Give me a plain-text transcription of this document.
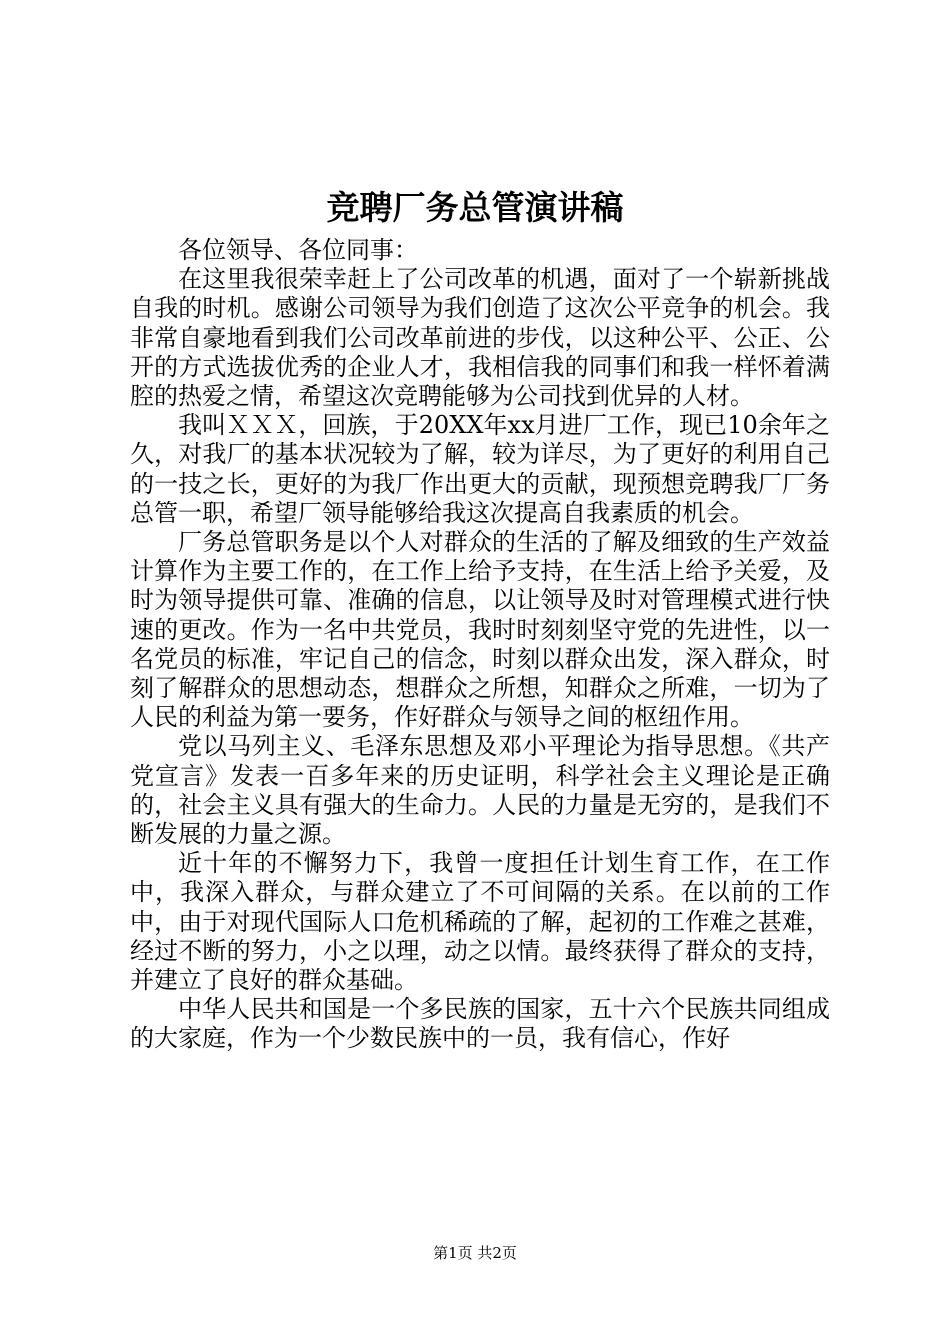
竞聘厂务总管演讲稿

各位领导、各位同事：

在这里我很荣幸赶上了公司改革的机遇，面对了一个崭新挑战自我的时机。感谢公司领导为我们创造了这次公平竞争的机会。我非常自豪地看到我们公司改革前进的步伐，以这种公平、公正、公开的方式选拔优秀的企业人才，我相信我的同事们和我一样怀着满腔的热爱之情，希望这次竞聘能够为公司找到优异的人材。

我叫ＸＸＸ，回族，于20XX年xx月进厂工作，现已10余年之久，对我厂的基本状况较为了解，较为详尽，为了更好的利用自己的一技之长，更好的为我厂作出更大的贡献，现预想竞聘我厂厂务总管一职，希望厂领导能够给我这次提高自我素质的机会。

厂务总管职务是以个人对群众的生活的了解及细致的生产效益计算作为主要工作的，在工作上给予支持，在生活上给予关爱，及时为领导提供可靠、准确的信息，以让领导及时对管理模式进行快速的更改。作为一名中共党员，我时时刻刻坚守党的先进性，以一名党员的标准，牢记自己的信念，时刻以群众出发，深入群众，时刻了解群众的思想动态，想群众之所想，知群众之所难，一切为了人民的利益为第一要务，作好群众与领导之间的枢纽作用。

党以马列主义、毛泽东思想及邓小平理论为指导思想。《共产党宣言》发表一百多年来的历史证明，科学社会主义理论是正确的，社会主义具有强大的生命力。人民的力量是无穷的，是我们不断发展的力量之源。

近十年的不懈努力下，我曾一度担任计划生育工作，在工作中，我深入群众，与群众建立了不可间隔的关系。在以前的工作中，由于对现代国际人口危机稀疏的了解，起初的工作难之甚难，经过不断的努力，小之以理，动之以情。最终获得了群众的支持，并建立了良好的群众基础。

中华人民共和国是一个多民族的国家，五十六个民族共同组成的大家庭，作为一个少数民族中的一员，我有信心，作好

第1页 共2页
